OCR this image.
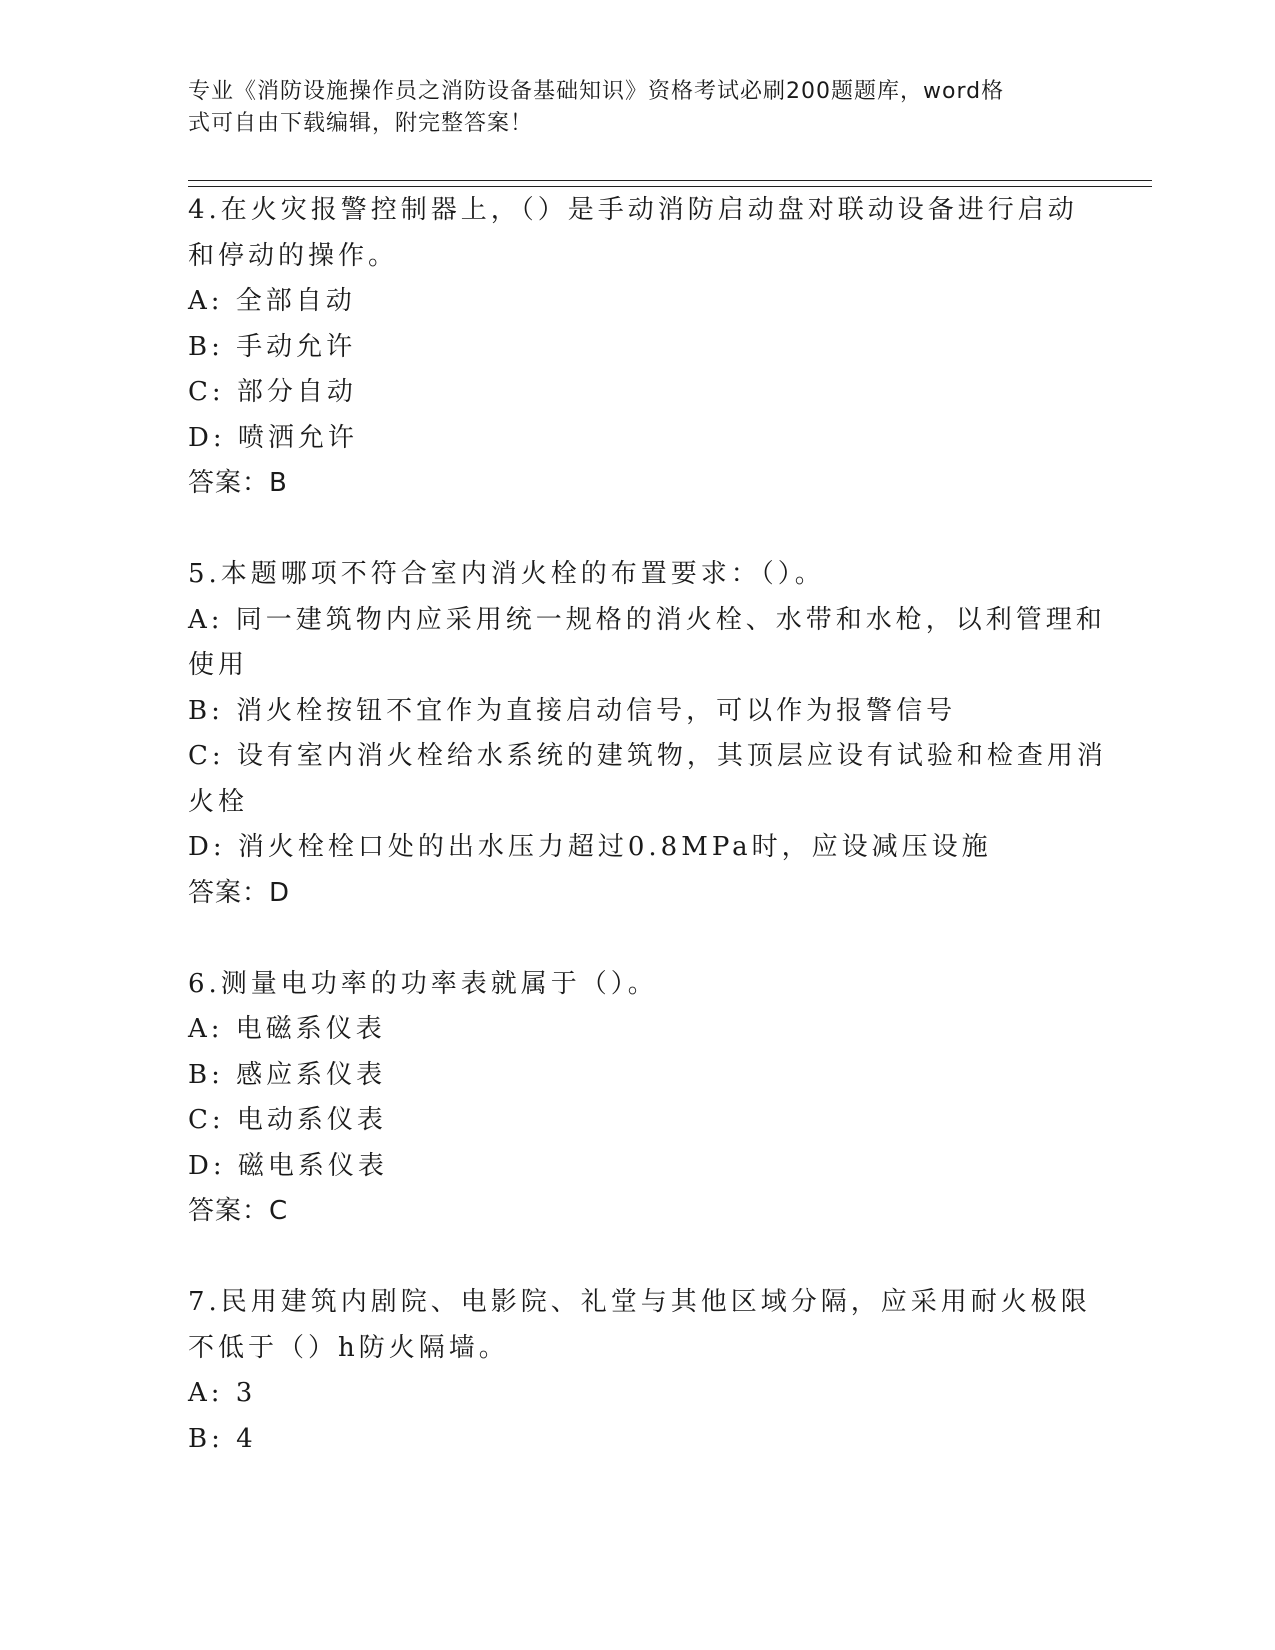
专业《消防设施操作员之消防设备基础知识》资格考试必刷200题题库，word格
式可自由下载编辑，附完整答案！
4.在火灾报警控制器上，（）是手动消防启动盘对联动设备进行启动
和停动的操作。
A: 全部自动
B: 手动允许
C: 部分自动
D: 喷洒允许
答案：B
5.本题哪项不符合室内消火栓的布置要求：（）。
A: 同一建筑物内应采用统一规格的消火栓、水带和水枪，以利管理和
使用
B: 消火栓按钮不宜作为直接启动信号，可以作为报警信号
C: 设有室内消火栓给水系统的建筑物，其顶层应设有试验和检查用消
火栓
D: 消火栓栓口处的出水压力超过0.8MPa时，应设减压设施
答案：D
6.测量电功率的功率表就属于（）。
A: 电磁系仪表
B: 感应系仪表
C: 电动系仪表
D: 磁电系仪表
答案：C
7.民用建筑内剧院、电影院、礼堂与其他区域分隔，应采用耐火极限
不低于（）h防火隔墙。
A: 3
B: 4
